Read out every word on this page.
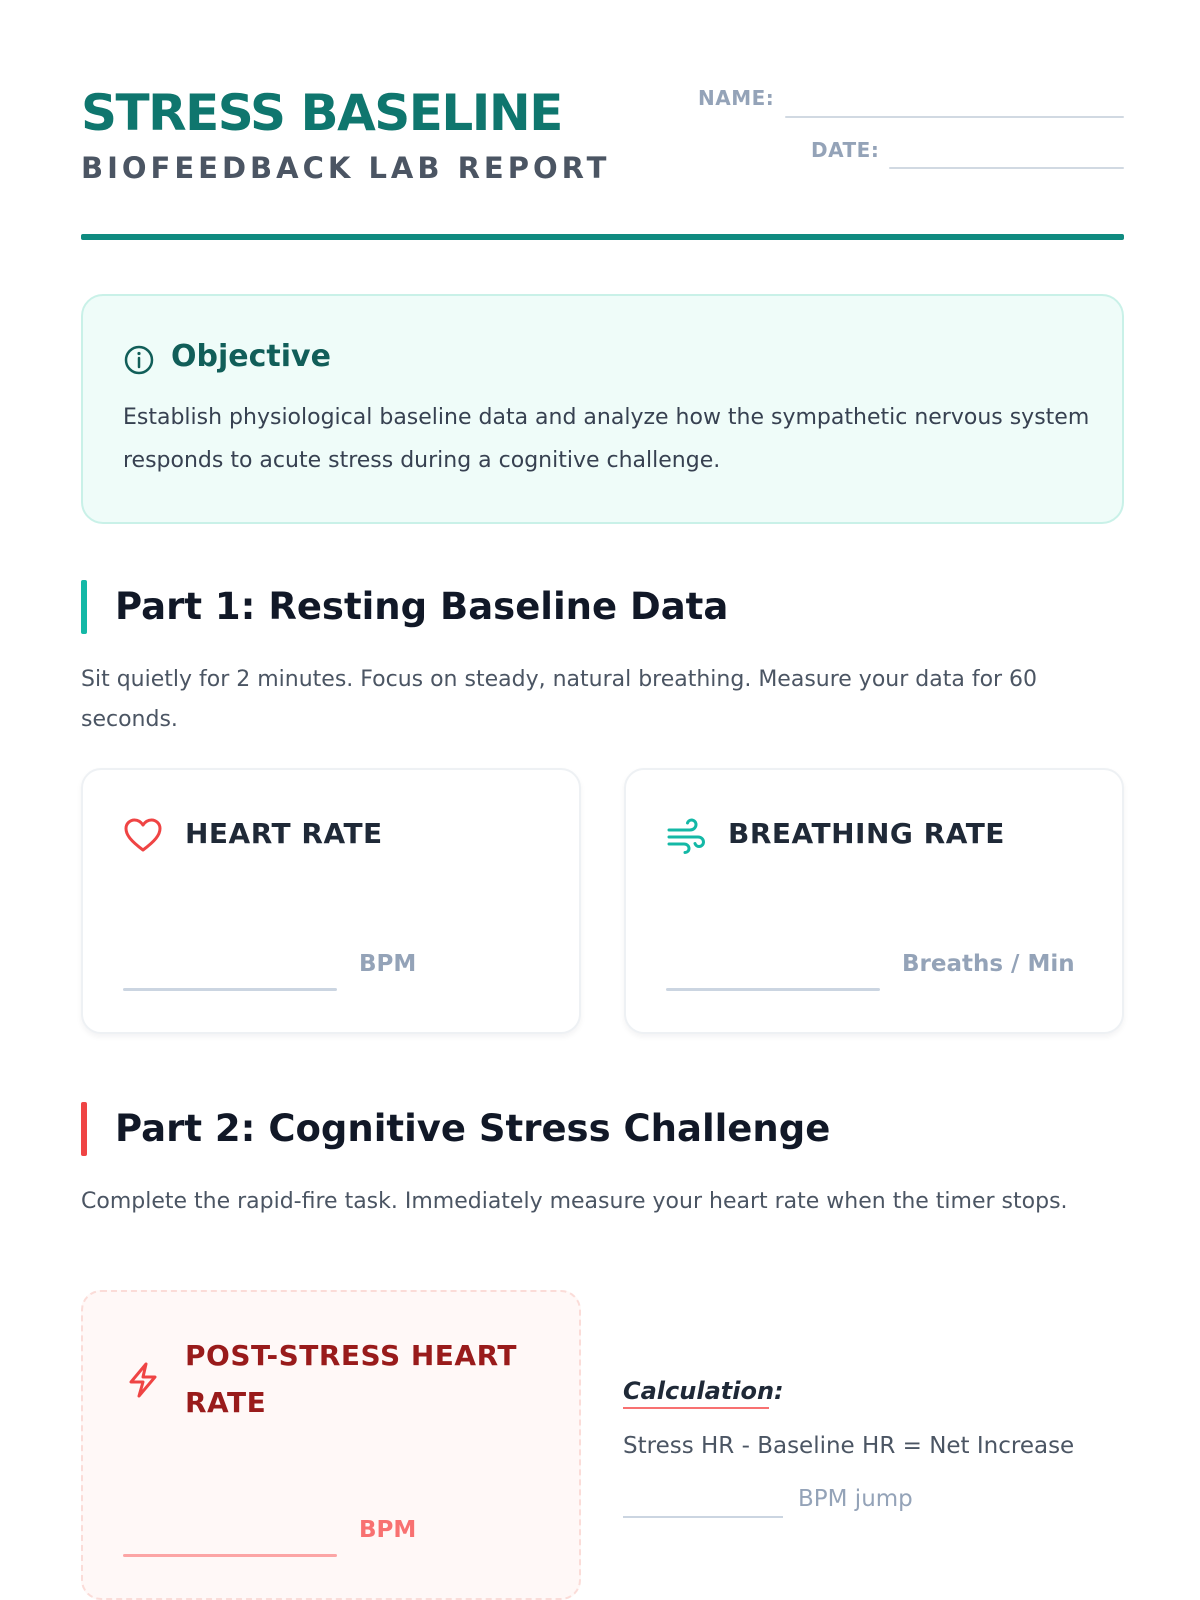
STRESS BASELINE
BIOFEEDBACK LAB REPORT
NAME:
DATE:
Objective
Establish physiological baseline data and analyze how the sympathetic nervous system responds to acute stress during a cognitive challenge.
Part 1: Resting Baseline Data
Sit quietly for 2 minutes. Focus on steady, natural breathing. Measure your data for 60 seconds.
HEART RATE
BPM
BREATHING RATE
Breaths / Min
Part 2: Cognitive Stress Challenge
Complete the rapid-fire task. Immediately measure your heart rate when the timer stops.
POST-STRESS HEART RATE
BPM
Calculation:
Stress HR - Baseline HR = Net Increase
BPM jump
